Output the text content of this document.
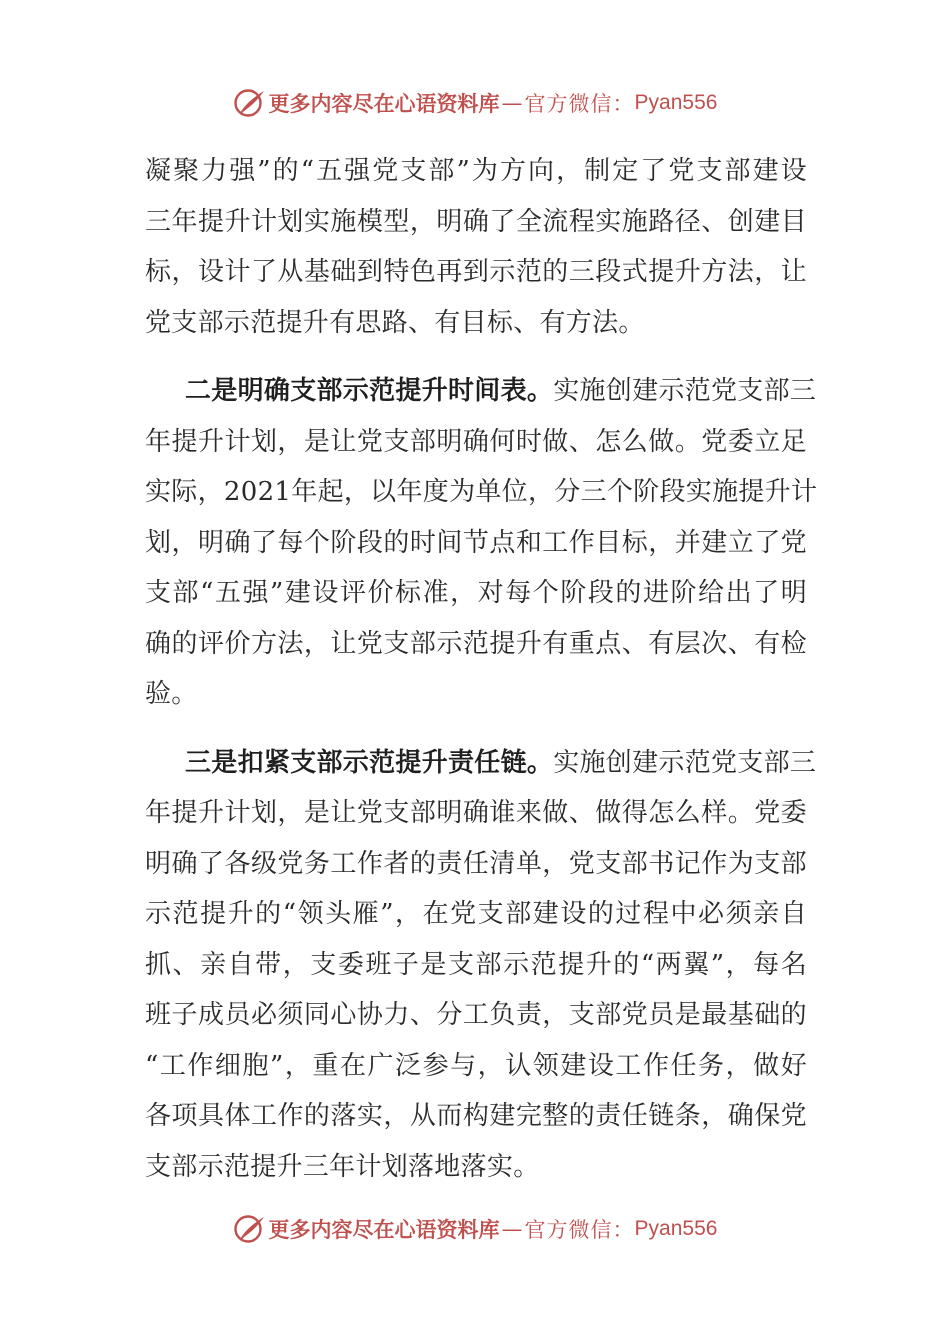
更多内容尽在心语资料库 — 官方微信： Pyan556
凝聚力强”的“五强党支部”为方向，制定了党支部建设
三年提升计划实施模型，明确了全流程实施路径、创建目
标，设计了从基础到特色再到示范的三段式提升方法，让
党支部示范提升有思路、有目标、有方法。
二是明确支部示范提升时间表。实施创建示范党支部三
年提升计划，是让党支部明确何时做、怎么做。党委立足
实际，2021年起，以年度为单位，分三个阶段实施提升计
划，明确了每个阶段的时间节点和工作目标，并建立了党
支部“五强”建设评价标准，对每个阶段的进阶给出了明
确的评价方法，让党支部示范提升有重点、有层次、有检
验。
三是扣紧支部示范提升责任链。实施创建示范党支部三
年提升计划，是让党支部明确谁来做、做得怎么样。党委
明确了各级党务工作者的责任清单，党支部书记作为支部
示范提升的“领头雁”，在党支部建设的过程中必须亲自
抓、亲自带，支委班子是支部示范提升的“两翼”，每名
班子成员必须同心协力、分工负责，支部党员是最基础的
“工作细胞”，重在广泛参与，认领建设工作任务，做好
各项具体工作的落实，从而构建完整的责任链条，确保党
支部示范提升三年计划落地落实。
更多内容尽在心语资料库 — 官方微信： Pyan556
